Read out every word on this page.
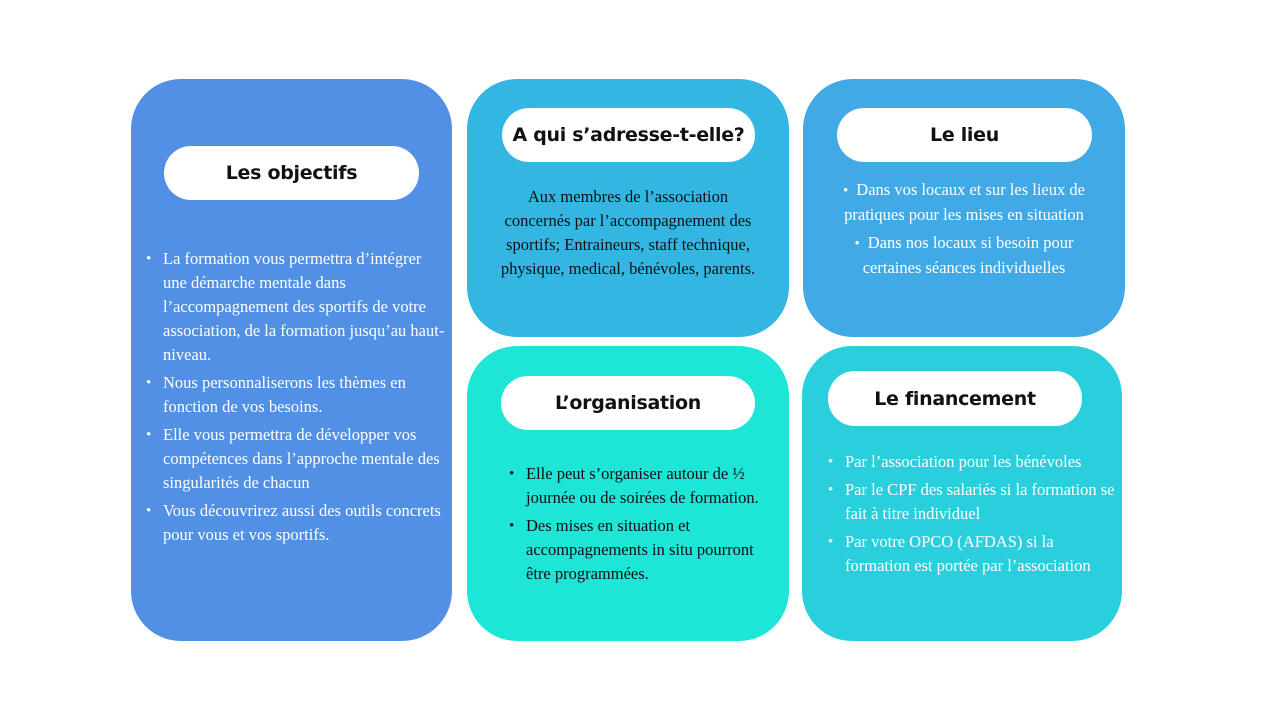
Les objectifs
• La formation vous permettra d’intégrer une démarche mentale dans l’accompagnement des sportifs de votre association, de la formation jusqu’au haut-niveau.
• Nous personnaliserons les thèmes en fonction de vos besoins.
• Elle vous permettra de développer vos compétences dans l’approche mentale des singularités de chacun
• Vous découvrirez aussi des outils concrets pour vous et vos sportifs.
A qui s’adresse-t-elle?
Aux membres de l’association concernés par l’accompagnement des sportifs; Entraineurs, staff technique, physique, medical, bénévoles, parents.
Le lieu
• Dans vos locaux et sur les lieux de pratiques pour les mises en situation
• Dans nos locaux si besoin pour certaines séances individuelles
L’organisation
• Elle peut s’organiser autour de ½ journée ou de soirées de formation.
• Des mises en situation et accompagnements in situ pourront être programmées.
Le financement
• Par l’association pour les bénévoles
• Par le CPF des salariés si la formation se fait à titre individuel
• Par votre OPCO (AFDAS) si la formation est portée par l’association
